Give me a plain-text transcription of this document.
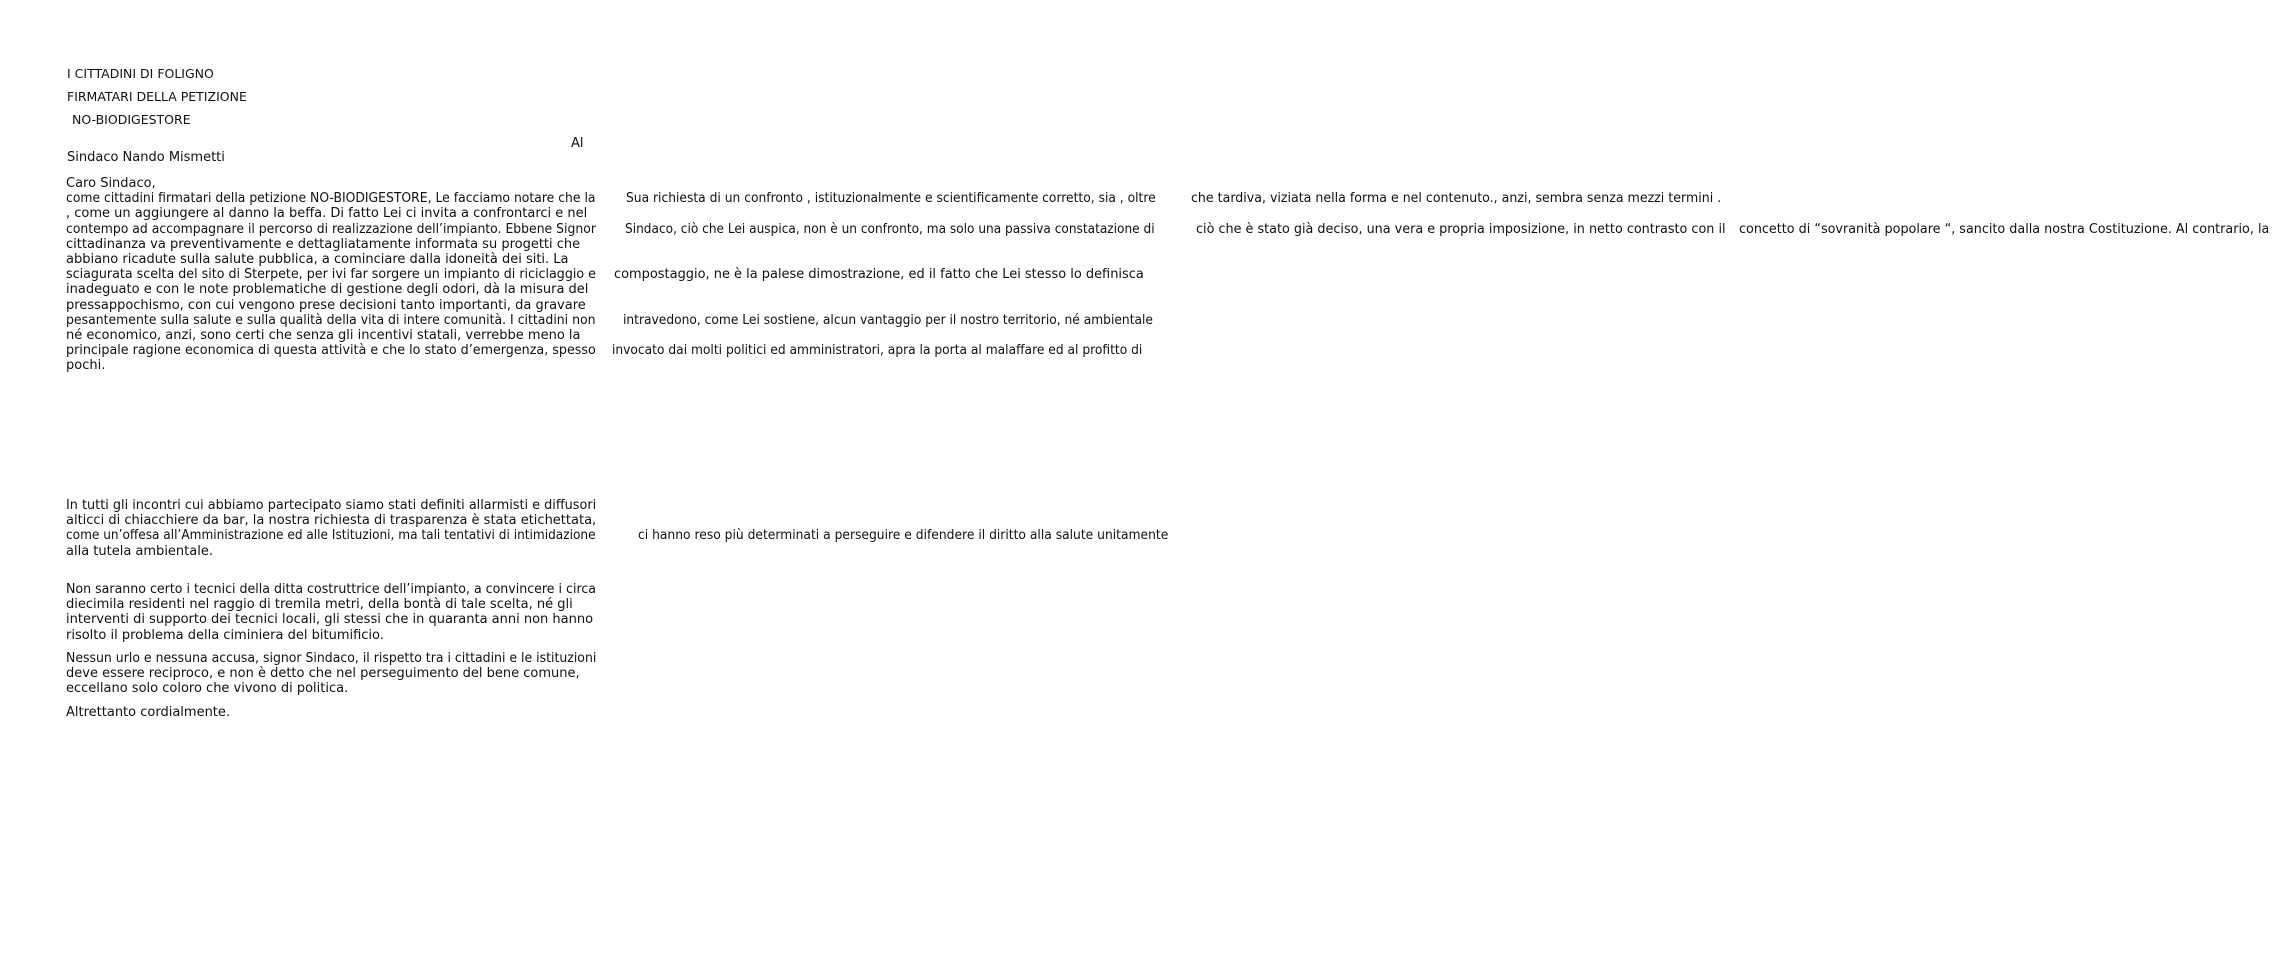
I CITTADINI DI FOLIGNO
FIRMATARI DELLA PETIZIONE
NO-BIODIGESTORE
Al
Sindaco Nando Mismetti
Caro Sindaco,
come cittadini firmatari della petizione NO-BIODIGESTORE, Le facciamo notare che la Sua richiesta di un confronto , istituzionalmente e scientificamente corretto, sia , oltre	che tardiva, viziata nella forma e nel contenuto., anzi, sembra senza mezzi termini .
, come un aggiungere al danno la beffa. Di fatto Lei ci invita a confrontarci e nel
contempo ad accompagnare il percorso di realizzazione dell’impianto. Ebbene Signor Sindaco, ciò che Lei auspica, non è un confronto, ma solo una passiva constatazione di	ciò che è stato già deciso, una vera e propria imposizione, in netto contrasto con il concetto di “sovranità popolare “, sancito dalla nostra Costituzione. Al contrario, la
cittadinanza va preventivamente e dettagliatamente informata su progetti che
abbiano ricadute sulla salute pubblica, a cominciare dalla idoneità dei siti. La
sciagurata scelta del sito di Sterpete, per ivi far sorgere un impianto di riciclaggio e compostaggio, ne è la palese dimostrazione, ed il fatto che Lei stesso lo definisca
inadeguato e con le note problematiche di gestione degli odori, dà la misura del
pressappochismo, con cui vengono prese decisioni tanto importanti, da gravare
pesantemente sulla salute e sulla qualità della vita di intere comunità. I cittadini non intravedono, come Lei sostiene, alcun vantaggio per il nostro territorio, né ambientale
né economico, anzi, sono certi che senza gli incentivi statali, verrebbe meno la
principale ragione economica di questa attività e che lo stato d’emergenza, spesso invocato dai molti politici ed amministratori, apra la porta al malaffare ed al profitto di
pochi.
In tutti gli incontri cui abbiamo partecipato siamo stati definiti allarmisti e diffusori
alticci di chiacchiere da bar, la nostra richiesta di trasparenza è stata etichettata,
come un’offesa all’Amministrazione ed alle Istituzioni, ma tali tentativi di intimidazione	ci hanno reso più determinati a perseguire e difendere il diritto alla salute unitamente
alla tutela ambientale.
Non saranno certo i tecnici della ditta costruttrice dell’impianto, a convincere i circa
diecimila residenti nel raggio di tremila metri, della bontà di tale scelta, né gli
interventi di supporto dei tecnici locali, gli stessi che in quaranta anni non hanno
risolto il problema della ciminiera del bitumificio.
Nessun urlo e nessuna accusa, signor Sindaco, il rispetto tra i cittadini e le istituzioni
deve essere reciproco, e non è detto che nel perseguimento del bene comune,
eccellano solo coloro che vivono di politica.
Altrettanto cordialmente.
